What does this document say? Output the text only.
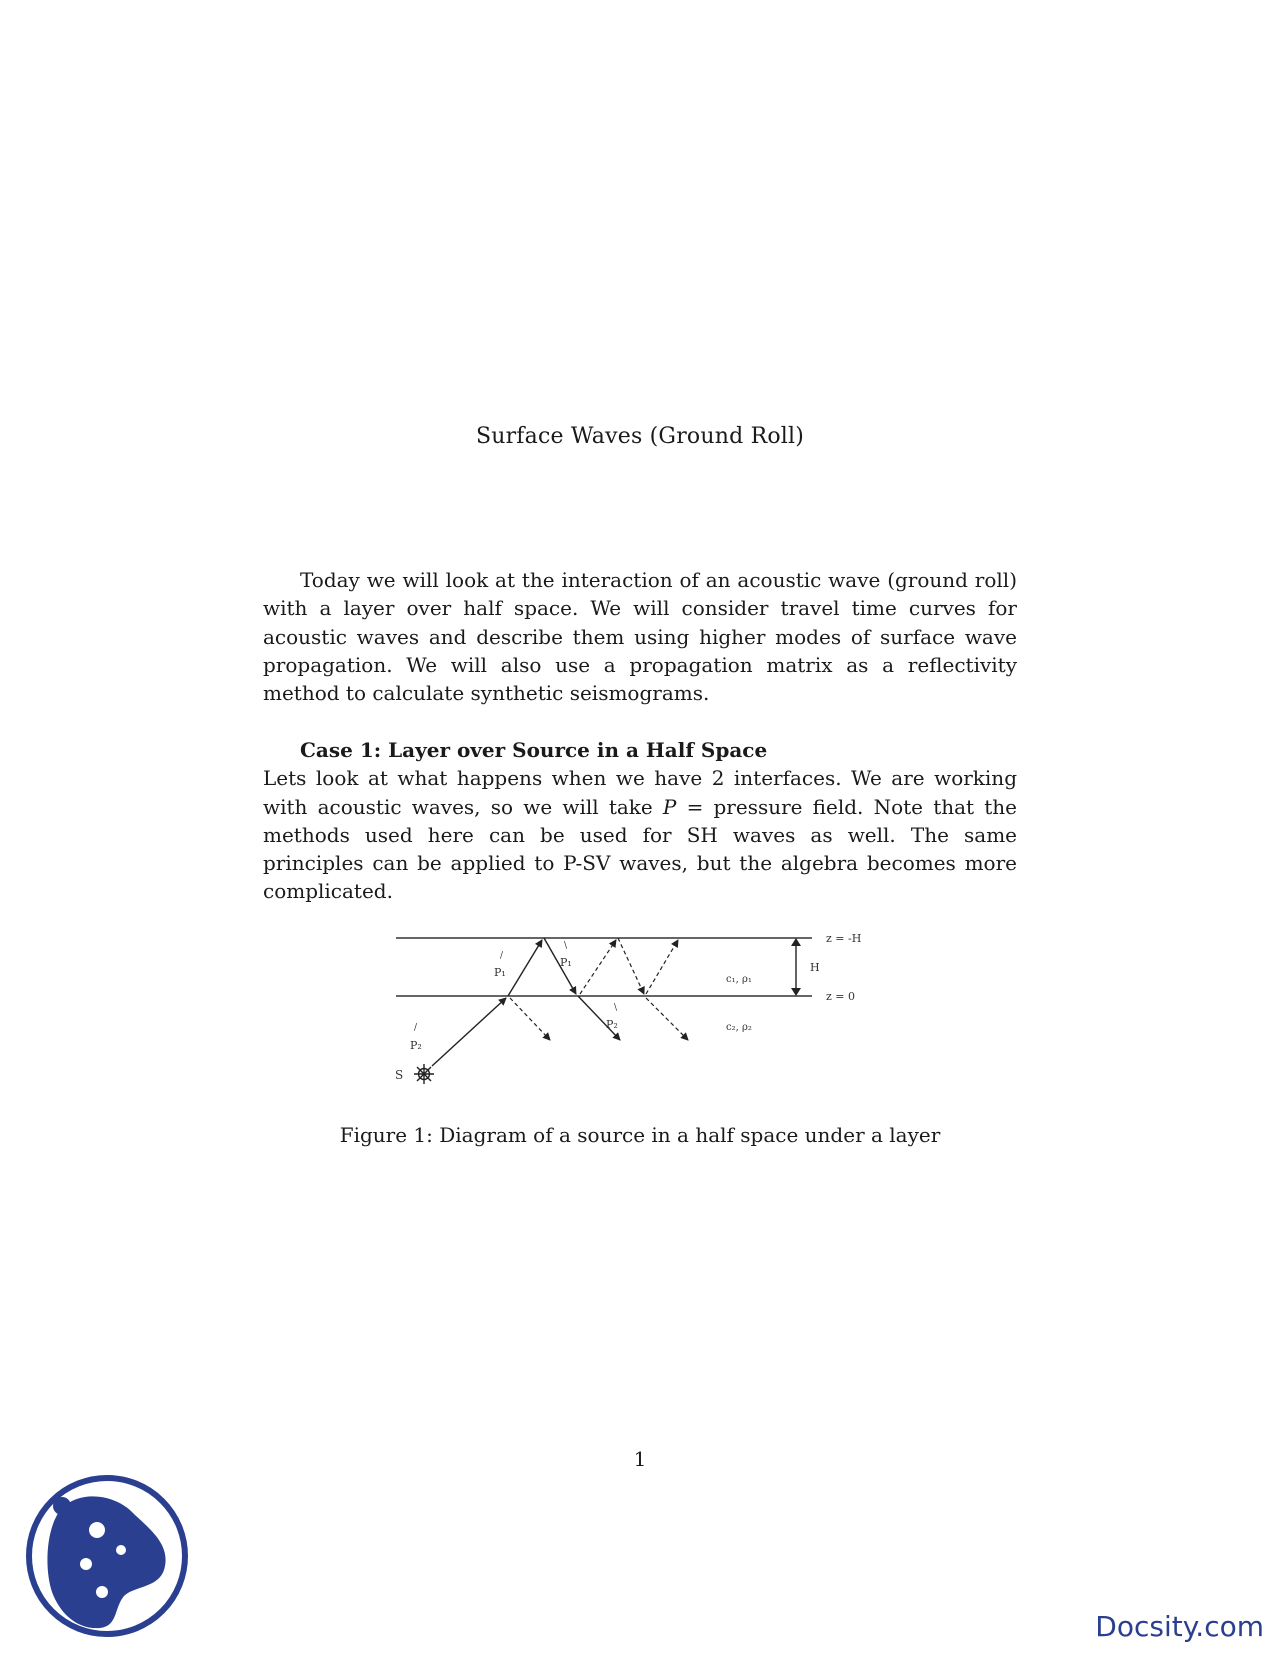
Surface Waves (Ground Roll)

Today we will look at the interaction of an acoustic wave (ground roll) with a layer over half space. We will consider travel time curves for acoustic waves and describe them using higher modes of surface wave propagation. We will also use a propagation matrix as a reflectivity method to calculate synthetic seismograms.

Case 1: Layer over Source in a Half Space

Lets look at what happens when we have 2 interfaces. We are working with acoustic waves, so we will take P = pressure field. Note that the methods used here can be used for SH waves as well. The same principles can be applied to P-SV waves, but the algebra becomes more complicated.

H
z = -H
z = 0
c₁, ρ₁
c₂, ρ₂
S
/
P₂
/
P₁
\
P₁
\
P₂
Figure 1: Diagram of a source in a half space under a layer
1
Docsity.com
